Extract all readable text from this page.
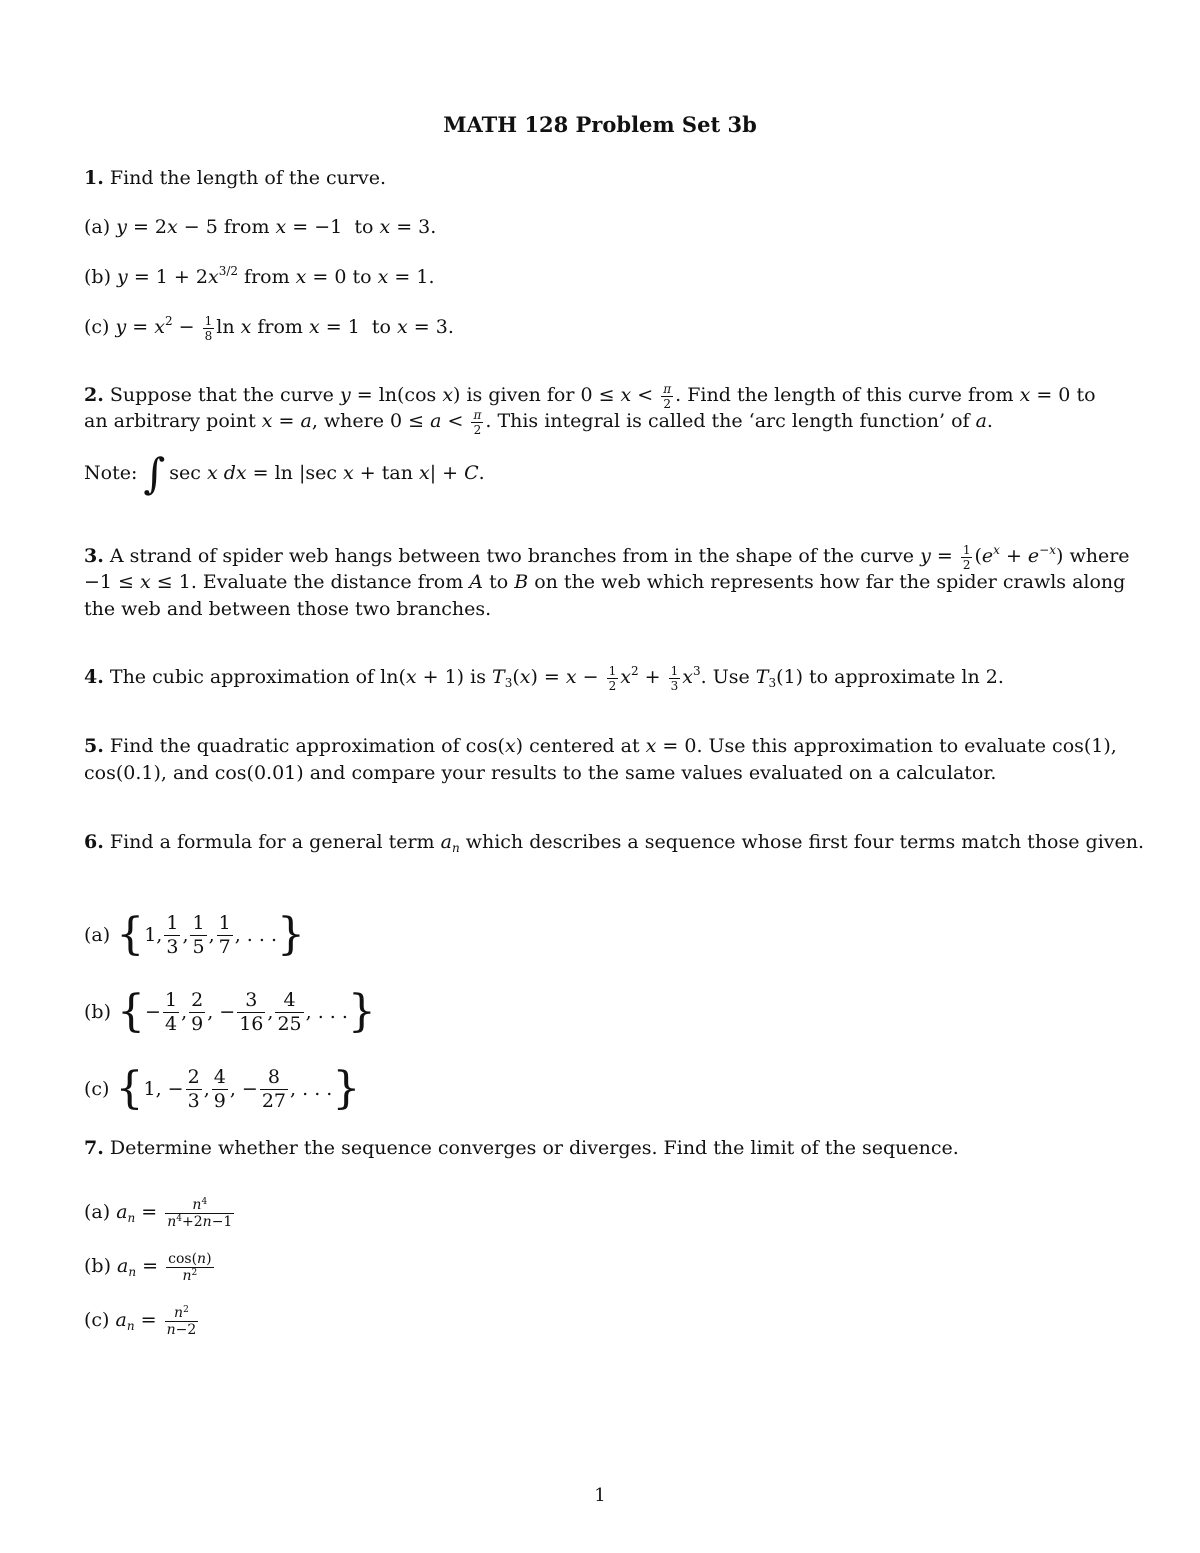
MATH 128 Problem Set 3b
1. Find the length of the curve.
(a) y = 2x − 5 from x = −1  to x = 3.
(b) $y = 1 + 2x^{3/2}$ from x = 0 to x = 1.
(c) $y = x^2 - \frac{1}{8}$ ln x from x = 1  to x = 3.
2. Suppose that the curve y = ln(cos x) is given for $0 \le x < \frac{\pi}{2}$ . Find the length of this curve from x = 0 to
an arbitrary point x = a, where $0 \le a < \frac{\pi}{2}$ . This integral is called the ‘arc length function’ of a.
Note: ∫ sec x dx = ln |sec x + tan x| + C.
3. A strand of spider web hangs between two branches from in the shape of the curve $y = \frac{1}{2} (e^x + e^{-x})$ where
−1 ≤ x ≤ 1. Evaluate the distance from A to B on the web which represents how far the spider crawls along
the web and between those two branches.
4. The cubic approximation of ln(x + 1) is $T_3(x) = x - \frac{1}{2} x^2 + \frac{1}{3} x^3$. Use $T_3(1)$ to approximate ln 2.
5. Find the quadratic approximation of cos(x) centered at x = 0. Use this approximation to evaluate cos(1),
cos(0.1), and cos(0.01) and compare your results to the same values evaluated on a calculator.
6. Find a formula for a general term $a_n$ which describes a sequence whose first four terms match those given.
(a)
{ 1,
1
3
,
1
5
,
1
7
, . . . }
(b)
{ −
1
4
,
2
9
, −
3
16
,
4
25
, . . . }
(c)
{ 1, −
2
3
,
4
9
, −
8
27
, . . . }
7. Determine whether the sequence converges or diverges. Find the limit of the sequence.
(a) $a_n = \frac{n^4}{n^4+2n-1}$
(b) $a_n = \frac{\cos(n)}{n^2}$
(c) $a_n = \frac{n^2}{n-2}$
1
